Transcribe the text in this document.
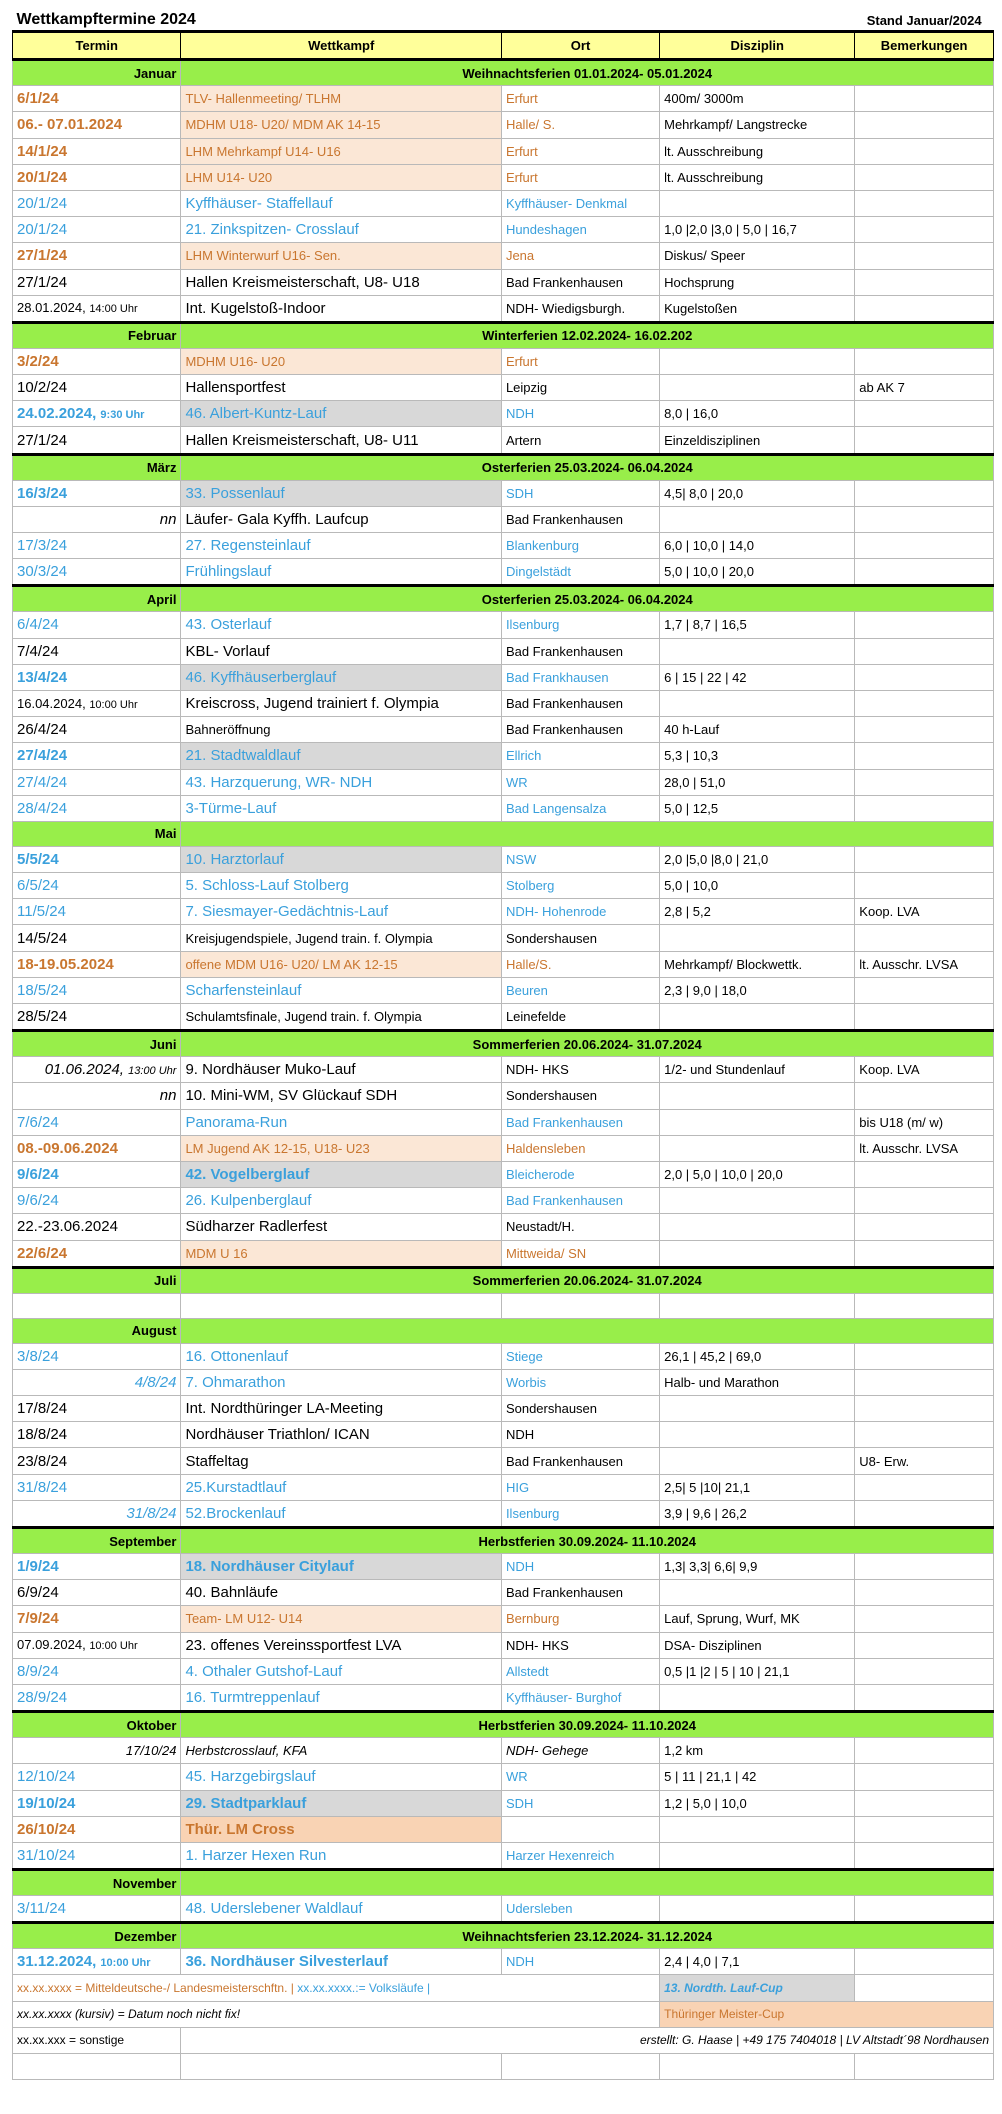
Wettkampftermine 2024				Stand Januar/2024
Termin	Wettkampf	Ort	Disziplin	Bemerkungen
Januar	Weihnachtsferien 01.01.2024- 05.01.2024			
6/1/24	TLV- Hallenmeeting/ TLHM	Erfurt	400m/ 3000m	
06.- 07.01.2024	MDHM U18- U20/ MDM AK 14-15	Halle/ S.	Mehrkampf/ Langstrecke	
14/1/24	LHM Mehrkampf U14- U16	Erfurt	lt. Ausschreibung	
20/1/24	LHM U14- U20	Erfurt	lt. Ausschreibung	
20/1/24	Kyffhäuser- Staffellauf	Kyffhäuser- Denkmal		
20/1/24	21. Zinkspitzen- Crosslauf	Hundeshagen	1,0 |2,0 |3,0 | 5,0 | 16,7	
27/1/24	LHM Winterwurf U16- Sen.	Jena	Diskus/ Speer	
27/1/24	Hallen Kreismeisterschaft, U8- U18	Bad Frankenhausen	Hochsprung	
28.01.2024, 14:00 Uhr	Int. Kugelstoß-Indoor	NDH- Wiedigsburgh.	Kugelstoßen	
Februar	Winterferien 12.02.2024- 16.02.202			
3/2/24	MDHM U16- U20	Erfurt		
10/2/24	Hallensportfest	Leipzig		ab AK 7
24.02.2024, 9:30 Uhr	46. Albert-Kuntz-Lauf	NDH	8,0 | 16,0	
27/1/24	Hallen Kreismeisterschaft, U8- U11	Artern	Einzeldisziplinen	
März	Osterferien 25.03.2024- 06.04.2024			
16/3/24	33. Possenlauf	SDH	4,5| 8,0 | 20,0	
nn	Läufer- Gala Kyffh. Laufcup	Bad Frankenhausen		
17/3/24	27. Regensteinlauf	Blankenburg	6,0 | 10,0 | 14,0	
30/3/24	Frühlingslauf	Dingelstädt	5,0 | 10,0 | 20,0	
April	Osterferien 25.03.2024- 06.04.2024			
6/4/24	43. Osterlauf	Ilsenburg	1,7 | 8,7 | 16,5	
7/4/24	KBL- Vorlauf	Bad Frankenhausen		
13/4/24	46. Kyffhäuserberglauf	Bad Frankhausen	6 | 15 | 22 | 42	
16.04.2024, 10:00 Uhr	Kreiscross, Jugend trainiert f. Olympia	Bad Frankenhausen		
26/4/24	Bahneröffnung	Bad Frankenhausen	40 h-Lauf	
27/4/24	21. Stadtwaldlauf	Ellrich	5,3 | 10,3	
27/4/24	43. Harzquerung, WR- NDH	WR	28,0 | 51,0	
28/4/24	3-Türme-Lauf	Bad Langensalza	5,0 | 12,5	
Mai				
5/5/24	10. Harztorlauf	NSW	2,0 |5,0 |8,0 | 21,0	
6/5/24	5. Schloss-Lauf Stolberg	Stolberg	5,0 | 10,0	
11/5/24	7. Siesmayer-Gedächtnis-Lauf	NDH- Hohenrode	2,8 | 5,2	Koop. LVA
14/5/24	Kreisjugendspiele, Jugend train. f. Olympia	Sondershausen		
18-19.05.2024	offene MDM U16- U20/ LM AK 12-15	Halle/S.	Mehrkampf/ Blockwettk.	lt. Ausschr. LVSA
18/5/24	Scharfensteinlauf	Beuren	2,3 | 9,0 | 18,0	
28/5/24	Schulamtsfinale, Jugend train. f. Olympia	Leinefelde		
Juni	Sommerferien 20.06.2024- 31.07.2024			
01.06.2024, 13:00 Uhr	9. Nordhäuser Muko-Lauf	NDH- HKS	1/2- und Stundenlauf	Koop. LVA
nn	10. Mini-WM, SV Glückauf SDH	Sondershausen		
7/6/24	Panorama-Run	Bad Frankenhausen		bis U18 (m/ w)
08.-09.06.2024	LM Jugend AK 12-15, U18- U23	Haldensleben		lt. Ausschr. LVSA
9/6/24	42. Vogelberglauf	Bleicherode	2,0 | 5,0 | 10,0 | 20,0	
9/6/24	26. Kulpenberglauf	Bad Frankenhausen		
22.-23.06.2024	Südharzer Radlerfest	Neustadt/H.		
22/6/24	MDM U 16	Mittweida/ SN		
Juli	Sommerferien 20.06.2024- 31.07.2024			

August				
3/8/24	16. Ottonenlauf	Stiege	26,1 | 45,2 | 69,0	
4/8/24	7. Ohmarathon	Worbis	Halb- und Marathon	
17/8/24	Int. Nordthüringer LA-Meeting	Sondershausen		
18/8/24	Nordhäuser Triathlon/ ICAN	NDH		
23/8/24	Staffeltag	Bad Frankenhausen		U8- Erw.
31/8/24	25.Kurstadtlauf	HIG	2,5| 5 |10| 21,1	
31/8/24	52.Brockenlauf	Ilsenburg	3,9 | 9,6 | 26,2	
September	Herbstferien 30.09.2024- 11.10.2024			
1/9/24	18. Nordhäuser Citylauf	NDH	1,3| 3,3| 6,6| 9,9	
6/9/24	40. Bahnläufe	Bad Frankenhausen		
7/9/24	Team- LM U12- U14	Bernburg	Lauf, Sprung, Wurf, MK	
07.09.2024, 10:00 Uhr	23. offenes Vereinssportfest LVA	NDH- HKS	DSA- Disziplinen	
8/9/24	4. Othaler Gutshof-Lauf	Allstedt	0,5 |1 |2 | 5 | 10 | 21,1	
28/9/24	16. Turmtreppenlauf	Kyffhäuser- Burghof		
Oktober	Herbstferien 30.09.2024- 11.10.2024			
17/10/24	Herbstcrosslauf, KFA	NDH- Gehege	1,2 km	
12/10/24	45. Harzgebirgslauf	WR	5 | 11 | 21,1 | 42	
19/10/24	29. Stadtparklauf	SDH	1,2 | 5,0 | 10,0	
26/10/24	Thür. LM Cross			
31/10/24	1. Harzer Hexen Run	Harzer Hexenreich		
November				
3/11/24	48. Uderslebener Waldlauf	Udersleben		
Dezember	Weihnachtsferien 23.12.2024- 31.12.2024			
31.12.2024, 10:00 Uhr	36. Nordhäuser Silvesterlauf	NDH	2,4 | 4,0 | 7,1	
xx.xx.xxxx = Mitteldeutsche-/ Landesmeisterschftn. | xx.xx.xxxx.:= Volksläufe |			13. Nordth. Lauf-Cup	
xx.xx.xxxx (kursiv) = Datum noch nicht fix!			Thüringer Meister-Cup	
xx.xx.xxx = sonstige	erstellt: G. Haase | +49 175 7404018 | LV Altstadt´98 Nordhausen			
